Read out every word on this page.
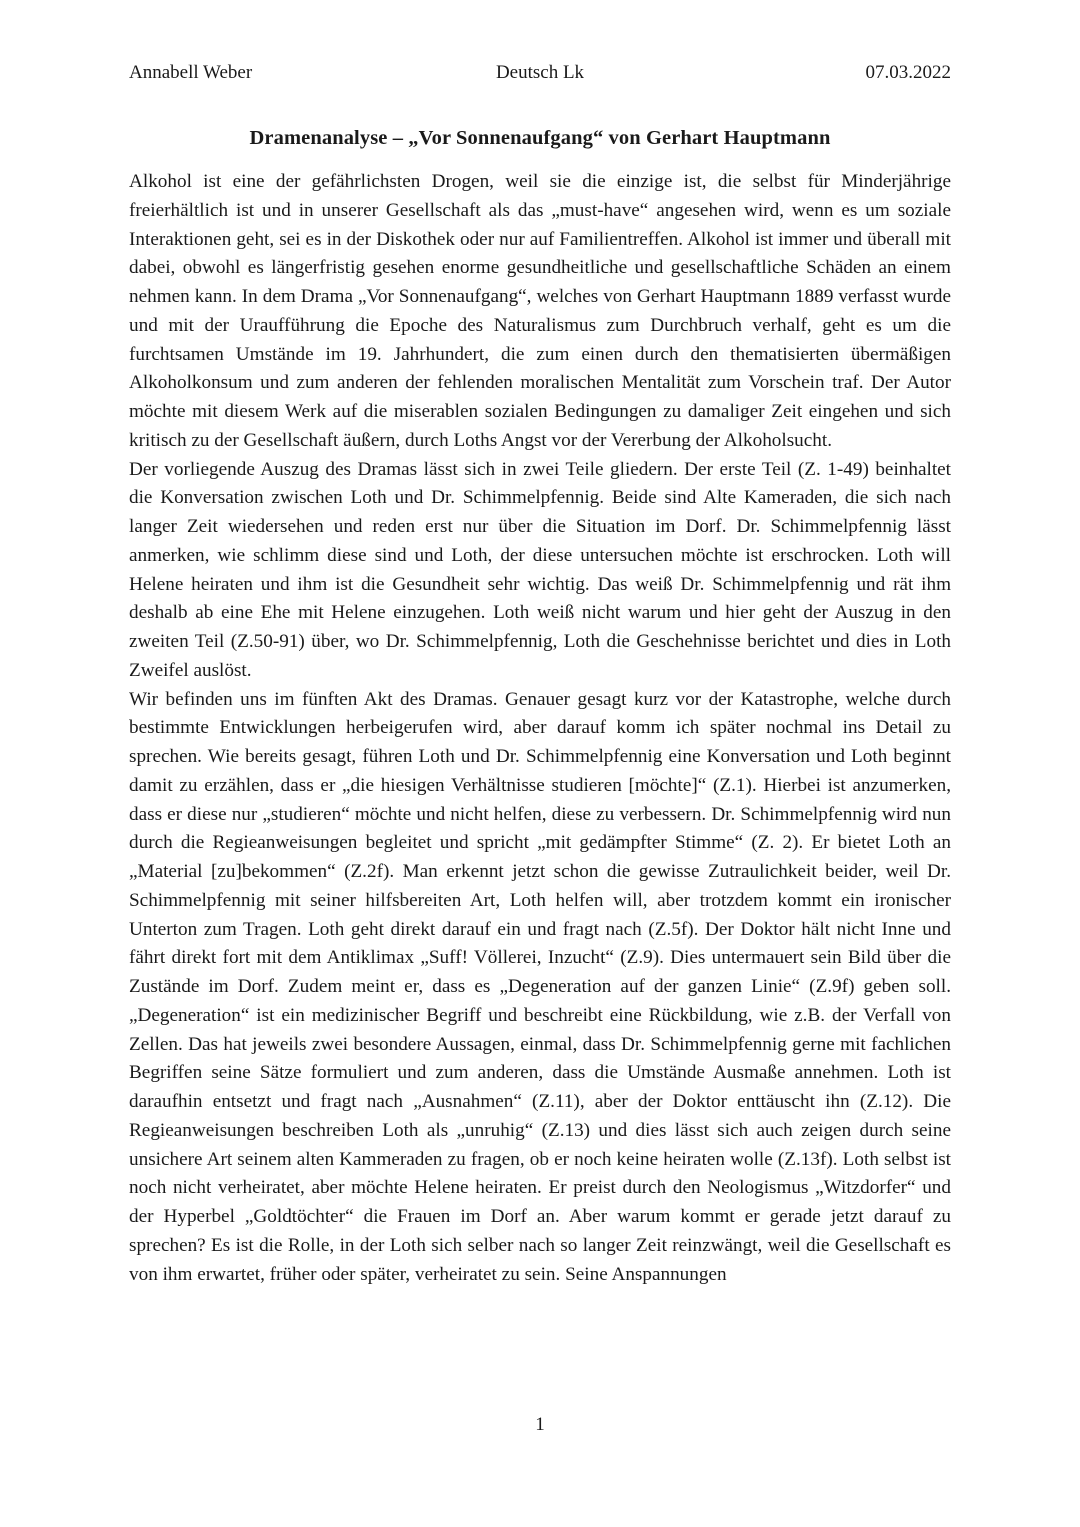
Annabell Weber	Deutsch Lk	07.03.2022
Dramenanalyse – „Vor Sonnenaufgang“ von Gerhart Hauptmann

Alkohol ist eine der gefährlichsten Drogen, weil sie die einzige ist, die selbst für Minderjährige freierhältlich ist und in unserer Gesellschaft als das „must-have“ angesehen wird, wenn es um soziale Interaktionen geht, sei es in der Diskothek oder nur auf Familientreffen. Alkohol ist immer und überall mit dabei, obwohl es längerfristig gesehen enorme gesundheitliche und gesellschaftliche Schäden an einem nehmen kann. In dem Drama „Vor Sonnenaufgang“, welches von Gerhart Hauptmann 1889 verfasst wurde und mit der Uraufführung die Epoche des Naturalismus zum Durchbruch verhalf, geht es um die furchtsamen Umstände im 19. Jahrhundert, die zum einen durch den thematisierten übermäßigen Alkoholkonsum und zum anderen der fehlenden moralischen Mentalität zum Vorschein traf. Der Autor möchte mit diesem Werk auf die miserablen sozialen Bedingungen zu damaliger Zeit eingehen und sich kritisch zu der Gesellschaft äußern, durch Loths Angst vor der Vererbung der Alkoholsucht.

Der vorliegende Auszug des Dramas lässt sich in zwei Teile gliedern. Der erste Teil (Z. 1-49) beinhaltet die Konversation zwischen Loth und Dr. Schimmelpfennig. Beide sind Alte Kameraden, die sich nach langer Zeit wiedersehen und reden erst nur über die Situation im Dorf. Dr. Schimmelpfennig lässt anmerken, wie schlimm diese sind und Loth, der diese untersuchen möchte ist erschrocken. Loth will Helene heiraten und ihm ist die Gesundheit sehr wichtig. Das weiß Dr. Schimmelpfennig und rät ihm deshalb ab eine Ehe mit Helene einzugehen. Loth weiß nicht warum und hier geht der Auszug in den zweiten Teil (Z.50-91) über, wo Dr. Schimmelpfennig, Loth die Geschehnisse berichtet und dies in Loth Zweifel auslöst.

Wir befinden uns im fünften Akt des Dramas. Genauer gesagt kurz vor der Katastrophe, welche durch bestimmte Entwicklungen herbeigerufen wird, aber darauf komm ich später nochmal ins Detail zu sprechen. Wie bereits gesagt, führen Loth und Dr. Schimmelpfennig eine Konversation und Loth beginnt damit zu erzählen, dass er „die hiesigen Verhältnisse studieren [möchte]“ (Z.1). Hierbei ist anzumerken, dass er diese nur „studieren“ möchte und nicht helfen, diese zu verbessern. Dr. Schimmelpfennig wird nun durch die Regieanweisungen begleitet und spricht „mit gedämpfter Stimme“ (Z. 2). Er bietet Loth an „Material [zu]bekommen“ (Z.2f). Man erkennt jetzt schon die gewisse Zutraulichkeit beider, weil Dr. Schimmelpfennig mit seiner hilfsbereiten Art, Loth helfen will, aber trotzdem kommt ein ironischer Unterton zum Tragen. Loth geht direkt darauf ein und fragt nach (Z.5f). Der Doktor hält nicht Inne und fährt direkt fort mit dem Antiklimax „Suff! Völlerei, Inzucht“ (Z.9). Dies untermauert sein Bild über die Zustände im Dorf. Zudem meint er, dass es „Degeneration auf der ganzen Linie“ (Z.9f) geben soll. „Degeneration“ ist ein medizinischer Begriff und beschreibt eine Rückbildung, wie z.B. der Verfall von Zellen. Das hat jeweils zwei besondere Aussagen, einmal, dass Dr. Schimmelpfennig gerne mit fachlichen Begriffen seine Sätze formuliert und zum anderen, dass die Umstände Ausmaße annehmen. Loth ist daraufhin entsetzt und fragt nach „Ausnahmen“ (Z.11), aber der Doktor enttäuscht ihn (Z.12). Die Regieanweisungen beschreiben Loth als „unruhig“ (Z.13) und dies lässt sich auch zeigen durch seine unsichere Art seinem alten Kammeraden zu fragen, ob er noch keine heiraten wolle (Z.13f). Loth selbst ist noch nicht verheiratet, aber möchte Helene heiraten. Er preist durch den Neologismus „Witzdorfer“ und der Hyperbel „Goldtöchter“ die Frauen im Dorf an. Aber warum kommt er gerade jetzt darauf zu sprechen? Es ist die Rolle, in der Loth sich selber nach so langer Zeit reinzwängt, weil die Gesellschaft es von ihm erwartet, früher oder später, verheiratet zu sein. Seine Anspannungen

1
